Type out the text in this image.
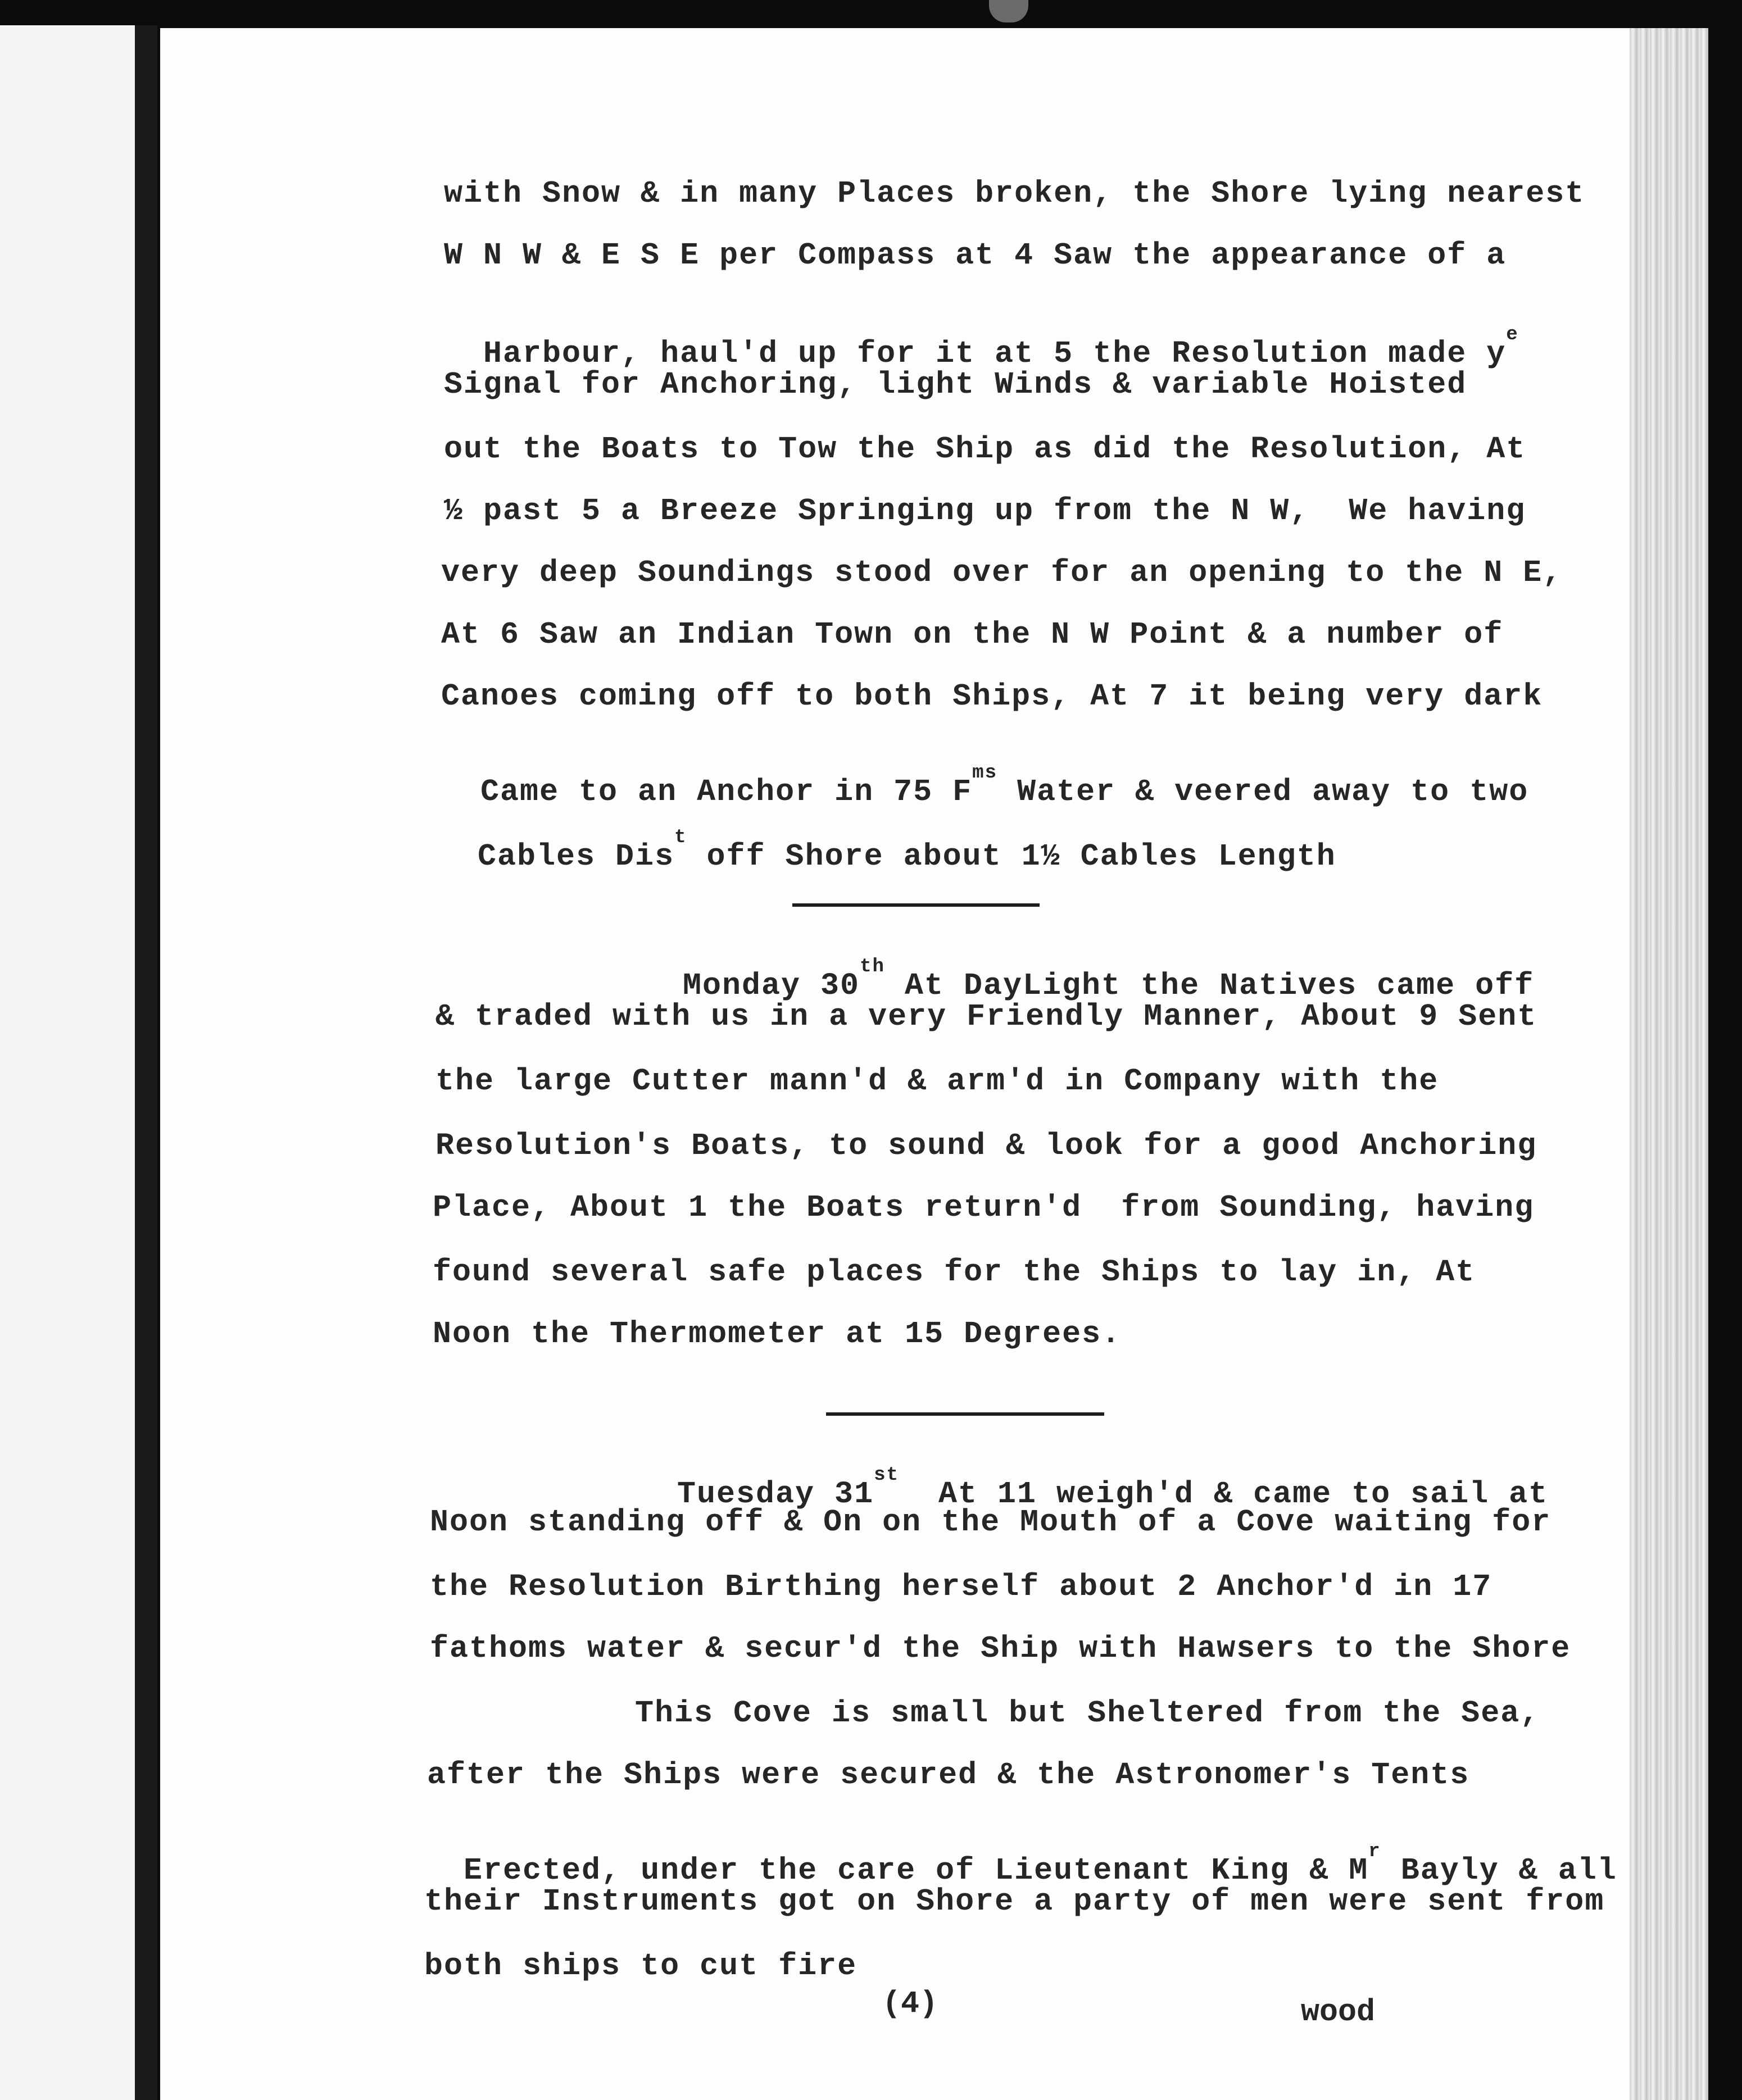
with Snow & in many Places broken, the Shore lying nearest
W N W & E S E per Compass at 4 Saw the appearance of a

Harbour, haul'd up for it at 5 the Resolution made $y^e$

Signal for Anchoring, light Winds & variable Hoisted
out the Boats to Tow the Ship as did the Resolution, At
½ past 5 a Breeze Springing up from the N W,  We having
very deep Soundings stood over for an opening to the N E,
At 6 Saw an Indian Town on the N W Point & a number of
Canoes coming off to both Ships, At 7 it being very dark

Came to an Anchor in 75 $F^{ms}$ Water & veered away to two

Cables Dis$^t$ off Shore about 1½ Cables Length

Monday 30th At DayLight the Natives came off

& traded with us in a very Friendly Manner, About 9 Sent
the large Cutter mann'd & arm'd in Company with the
Resolution's Boats, to sound & look for a good Anchoring
Place, About 1 the Boats return'd  from Sounding, having
found several safe places for the Ships to lay in, At
Noon the Thermometer at 15 Degrees.

Tuesday 31st  At 11 weigh'd & came to sail at

Noon standing off & On on the Mouth of a Cove waiting for
the Resolution Birthing herself about 2 Anchor'd in 17
fathoms water & secur'd the Ship with Hawsers to the Shore
This Cove is small but Sheltered from the Sea,
after the Ships were secured & the Astronomer's Tents

Erected, under the care of Lieutenant King & $M^r$ Bayly & all

their Instruments got on Shore a party of men were sent from
both ships to cut fire
(4)	wood
